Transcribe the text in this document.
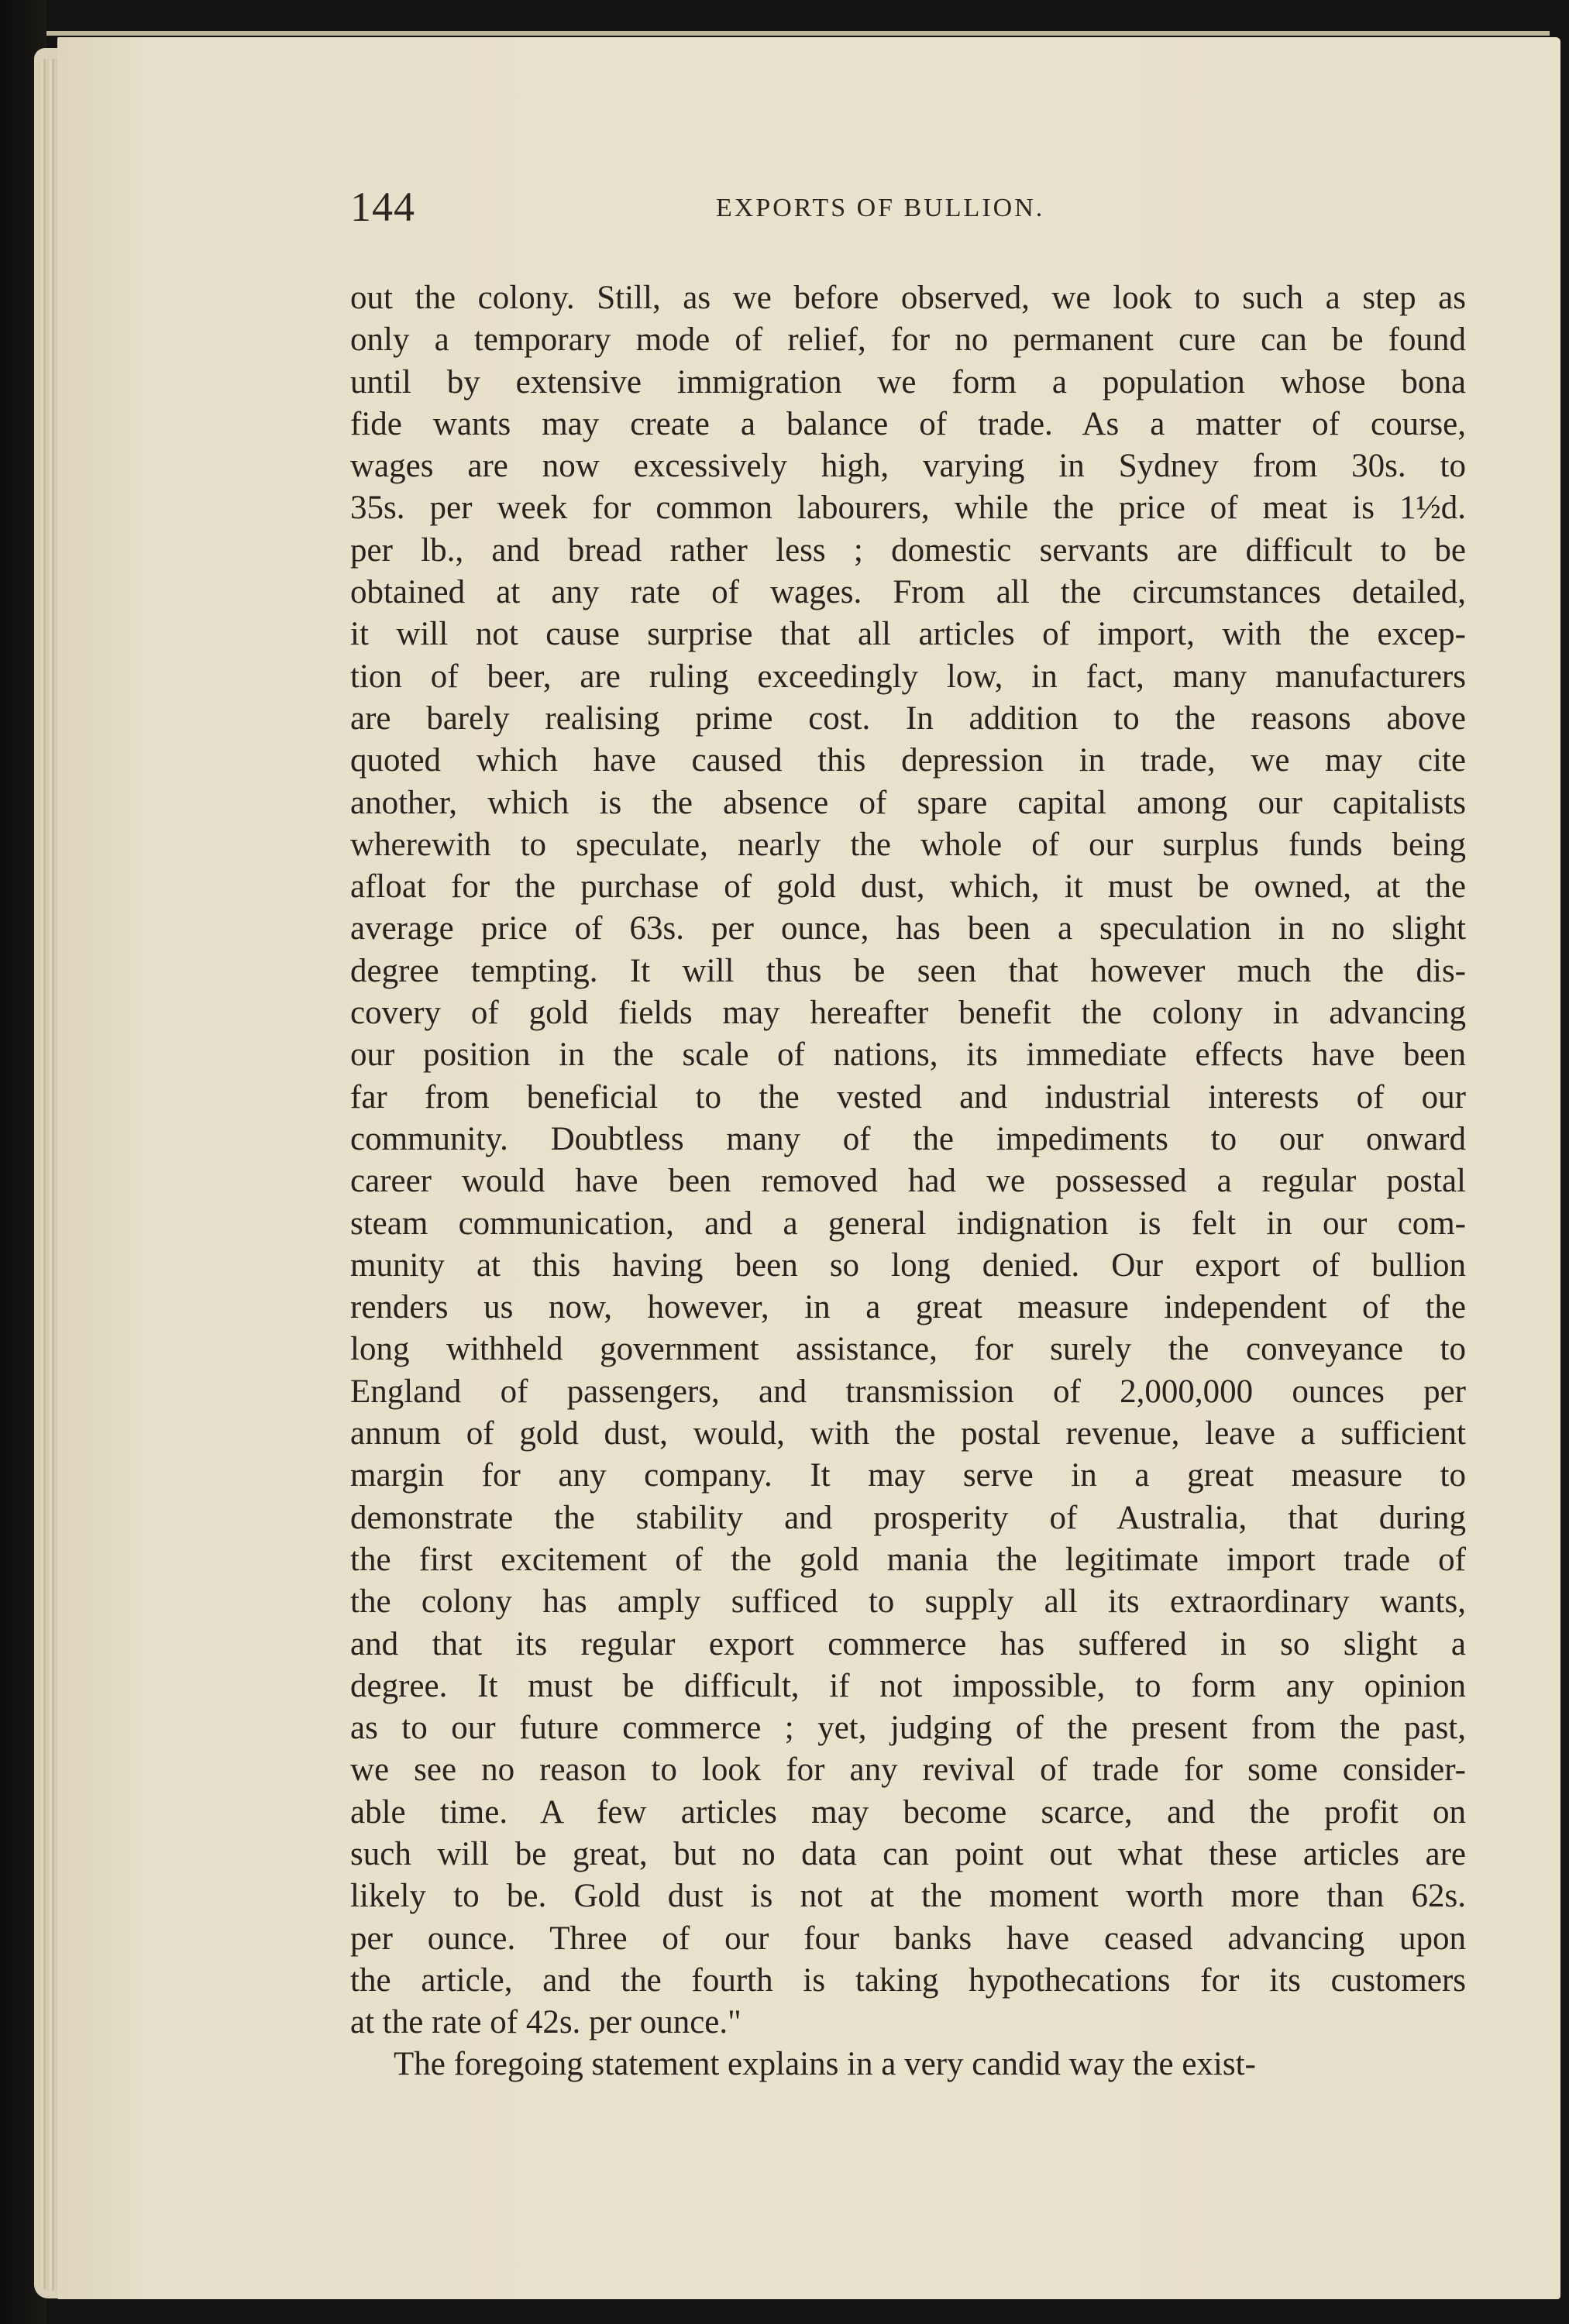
144	EXPORTS OF BULLION.
out the colony. Still, as we before observed, we look to such a step as
only a temporary mode of relief, for no permanent cure can be found
until by extensive immigration we form a population whose bona
fide wants may create a balance of trade. As a matter of course,
wages are now excessively high, varying in Sydney from 30s. to
35s. per week for common labourers, while the price of meat is 1½d.
per lb., and bread rather less ; domestic servants are difficult to be
obtained at any rate of wages. From all the circumstances detailed,
it will not cause surprise that all articles of import, with the excep-
tion of beer, are ruling exceedingly low, in fact, many manufacturers
are barely realising prime cost. In addition to the reasons above
quoted which have caused this depression in trade, we may cite
another, which is the absence of spare capital among our capitalists
wherewith to speculate, nearly the whole of our surplus funds being
afloat for the purchase of gold dust, which, it must be owned, at the
average price of 63s. per ounce, has been a speculation in no slight
degree tempting. It will thus be seen that however much the dis-
covery of gold fields may hereafter benefit the colony in advancing
our position in the scale of nations, its immediate effects have been
far from beneficial to the vested and industrial interests of our
community. Doubtless many of the impediments to our onward
career would have been removed had we possessed a regular postal
steam communication, and a general indignation is felt in our com-
munity at this having been so long denied. Our export of bullion
renders us now, however, in a great measure independent of the
long withheld government assistance, for surely the conveyance to
England of passengers, and transmission of 2,000,000 ounces per
annum of gold dust, would, with the postal revenue, leave a sufficient
margin for any company. It may serve in a great measure to
demonstrate the stability and prosperity of Australia, that during
the first excitement of the gold mania the legitimate import trade of
the colony has amply sufficed to supply all its extraordinary wants,
and that its regular export commerce has suffered in so slight a
degree. It must be difficult, if not impossible, to form any opinion
as to our future commerce ; yet, judging of the present from the past,
we see no reason to look for any revival of trade for some consider-
able time. A few articles may become scarce, and the profit on
such will be great, but no data can point out what these articles are
likely to be. Gold dust is not at the moment worth more than 62s.
per ounce. Three of our four banks have ceased advancing upon
the article, and the fourth is taking hypothecations for its customers
at the rate of 42s. per ounce."
The foregoing statement explains in a very candid way the exist-
